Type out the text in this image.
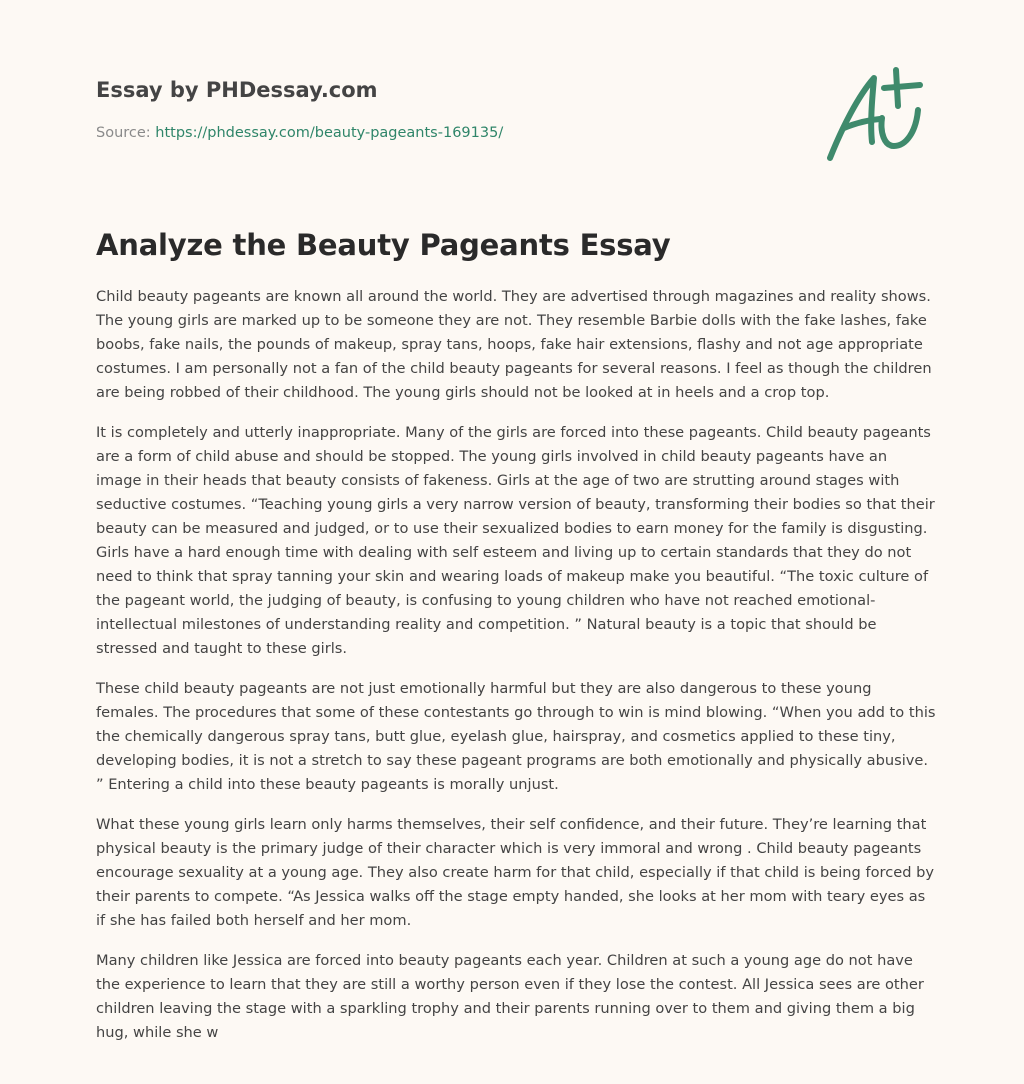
Essay by PHDessay.com
Source: https://phdessay.com/beauty-pageants-169135/
Analyze the Beauty Pageants Essay

Child beauty pageants are known all around the world. They are advertised through magazines and reality shows. The young girls are marked up to be someone they are not. They resemble Barbie dolls with the fake lashes, fake boobs, fake nails, the pounds of makeup, spray tans, hoops, fake hair extensions, flashy and not age appropriate costumes. I am personally not a fan of the child beauty pageants for several reasons. I feel as though the children are being robbed of their childhood. The young girls should not be looked at in heels and a crop top.

It is completely and utterly inappropriate. Many of the girls are forced into these pageants. Child beauty pageants are a form of child abuse and should be stopped. The young girls involved in child beauty pageants have an image in their heads that beauty consists of fakeness. Girls at the age of two are strutting around stages with seductive costumes. “Teaching young girls a very narrow version of beauty, transforming their bodies so that their beauty can be measured and judged, or to use their sexualized bodies to earn money for the family is disgusting. Girls have a hard enough time with dealing with self esteem and living up to certain standards that they do not need to think that spray tanning your skin and wearing loads of makeup make you beautiful. “The toxic culture of the pageant world, the judging of beauty, is confusing to young children who have not reached emotional- intellectual milestones of understanding reality and competition. ” Natural beauty is a topic that should be stressed and taught to these girls.

These child beauty pageants are not just emotionally harmful but they are also dangerous to these young females. The procedures that some of these contestants go through to win is mind blowing. “When you add to this the chemically dangerous spray tans, butt glue, eyelash glue, hairspray, and cosmetics applied to these tiny, developing bodies, it is not a stretch to say these pageant programs are both emotionally and physically abusive. ” Entering a child into these beauty pageants is morally unjust.

What these young girls learn only harms themselves, their self confidence, and their future. They’re learning that physical beauty is the primary judge of their character which is very immoral and wrong . Child beauty pageants encourage sexuality at a young age. They also create harm for that child, especially if that child is being forced by their parents to compete. “As Jessica walks off the stage empty handed, she looks at her mom with teary eyes as if she has failed both herself and her mom.

Many children like Jessica are forced into beauty pageants each year. Children at such a young age do not have the experience to learn that they are still a worthy person even if they lose the contest. All Jessica sees are other children leaving the stage with a sparkling trophy and their parents running over to them and giving them a big hug, while she w
